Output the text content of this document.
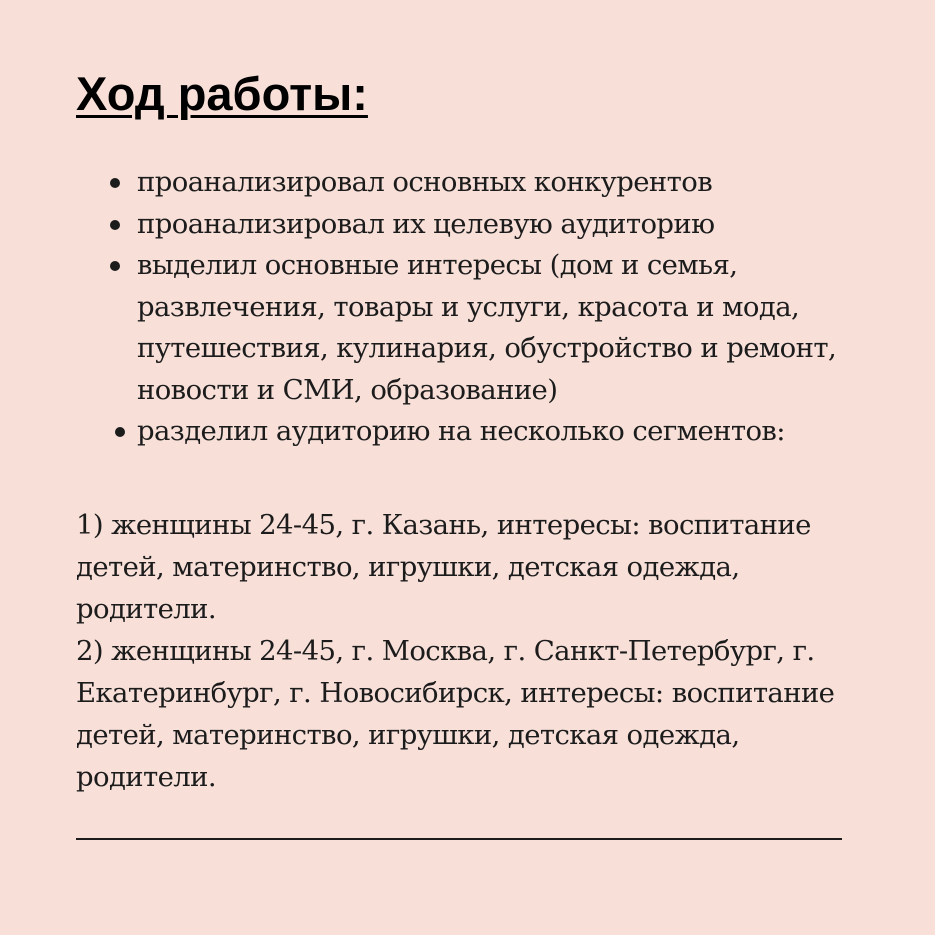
Ход работы:
проанализировал основных конкурентов
проанализировал их целевую аудиторию
выделил основные интересы (дом и семья, развлечения, товары и услуги, красота и мода, путешествия, кулинария, обустройство и ремонт, новости и СМИ, образование)
разделил аудиторию на несколько сегментов:

1) женщины 24-45, г. Казань, интересы: воспитание детей, материнство, игрушки, детская одежда, родители.

2) женщины 24-45, г. Москва, г. Санкт-Петербург, г. Екатеринбург, г. Новосибирск, интересы: воспитание детей, материнство, игрушки, детская одежда, родители.
